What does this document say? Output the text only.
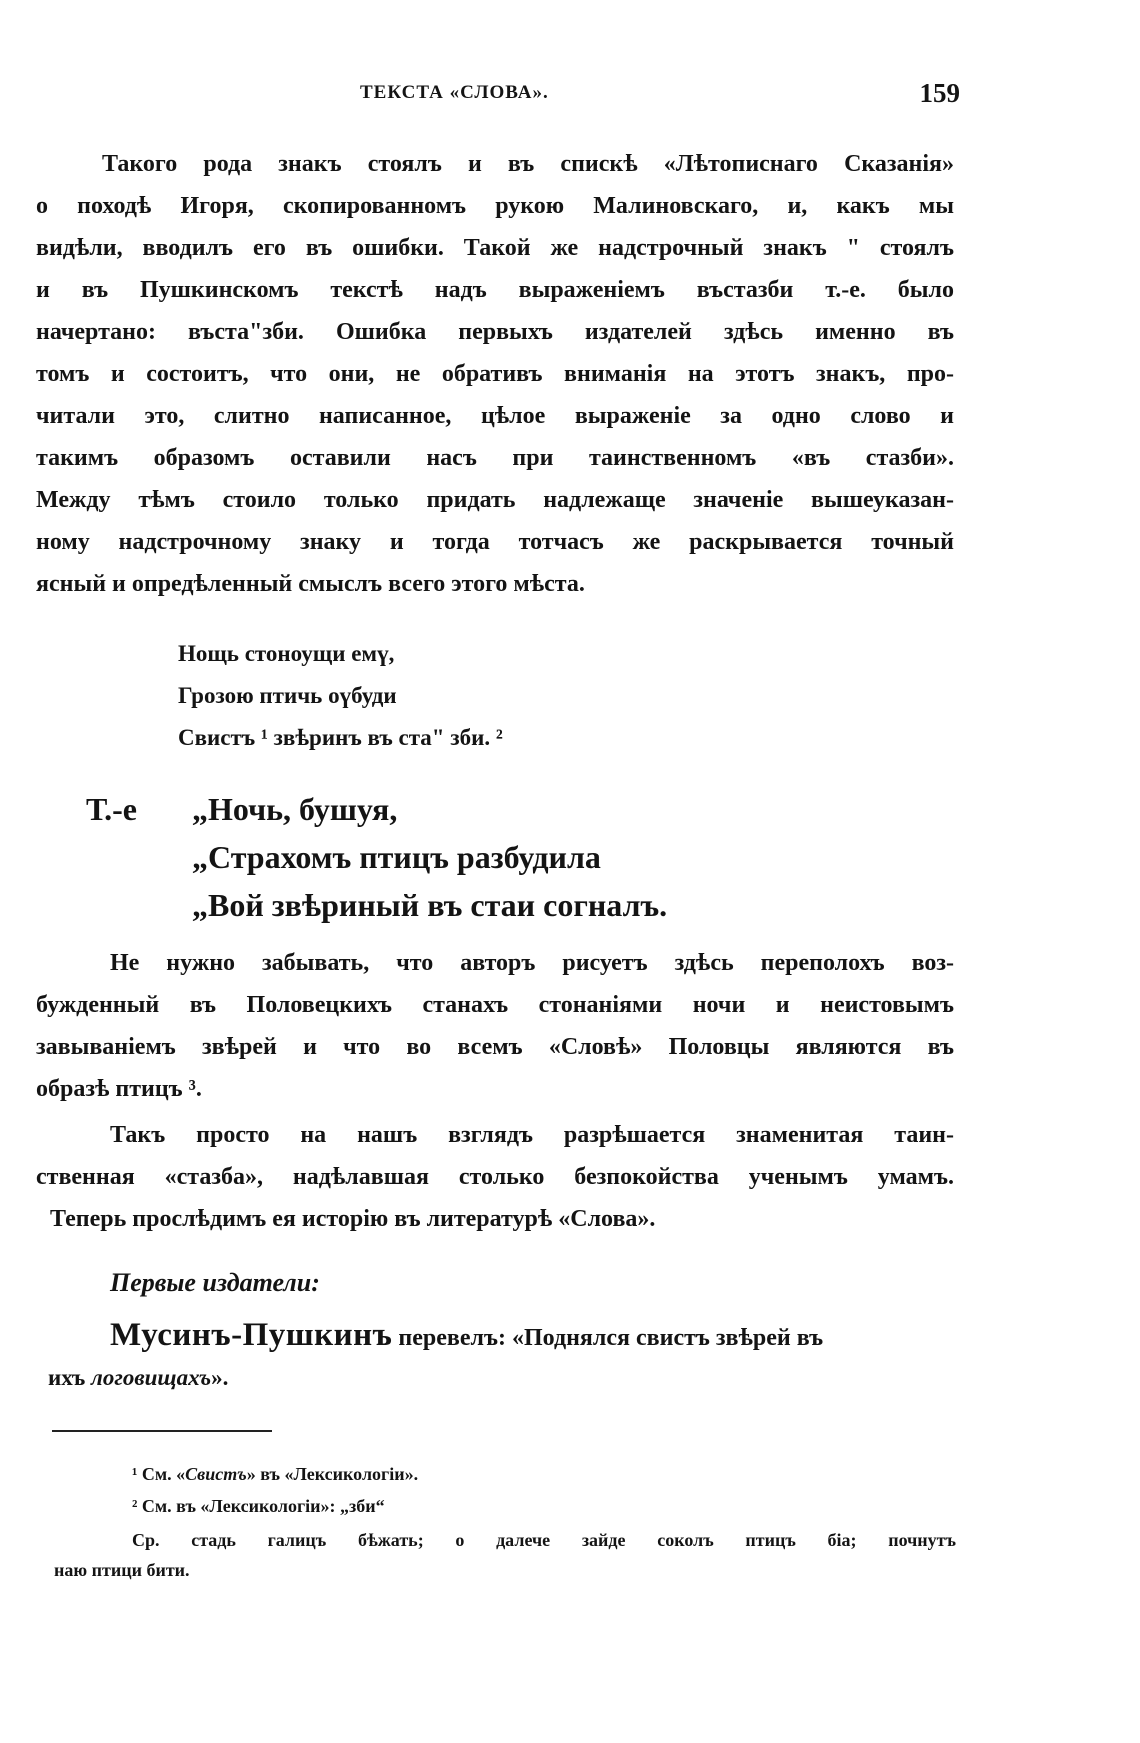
ТЕКСТА «СЛОВА».	159
Такого рода знакъ стоялъ и въ спискѣ «Лѣтописнаго Сказанія»
о походѣ Игоря, скопированномъ рукою Малиновскаго, и, какъ мы
видѣли, вводилъ его въ ошибки. Такой же надстрочный знакъ " стоялъ
и въ Пушкинскомъ текстѣ надъ выраженіемъ въстазби т.-е. было
начертано: въста"зби. Ошибка первыхъ издателей здѣсь именно въ
томъ и состоитъ, что они, не обративъ вниманія на этотъ знакъ, про-
читали это, слитно написанное, цѣлое выраженіе за одно слово и
такимъ образомъ оставили насъ при таинственномъ «въ стазби».
Между тѣмъ стоило только придать надлежаще значеніе вышеуказан-
ному надстрочному знаку и тогда тотчасъ же раскрывается точный
ясный и опредѣленный смыслъ всего этого мѣста.
Нощь стоноущи емү,
Грозою птичь оүбуди
Свистъ ¹ звѣринъ въ ста" зби. ²
Т.-е	„Ночь, бушуя,
„Страхомъ птицъ разбудила
„Вой звѣриный въ стаи согналъ.
Не нужно забывать, что авторъ рисуетъ здѣсь переполохъ воз-
бужденный въ Половецкихъ станахъ стонаніями ночи и неистовымъ
завываніемъ звѣрей и что во всемъ «Словѣ» Половцы являются въ
образѣ птицъ ³.
Такъ просто на нашъ взглядъ разрѣшается знаменитая таин-
ственная «стазба», надѣлавшая столько безпокойства ученымъ умамъ.
Теперь прослѣдимъ ея исторію въ литературѣ «Слова».
Первые издатели:
Мусинъ-Пушкинъ перевелъ: «Поднялся свистъ звѣрей въ
ихъ логовищахъ».
¹ См. «Свистъ» въ «Лексикологіи».
² См. въ «Лексикологіи»: „зби“
Ср. стадь галицъ бѣжать; о далече зайде соколъ птицъ біа; почнутъ
наю птици бити.
